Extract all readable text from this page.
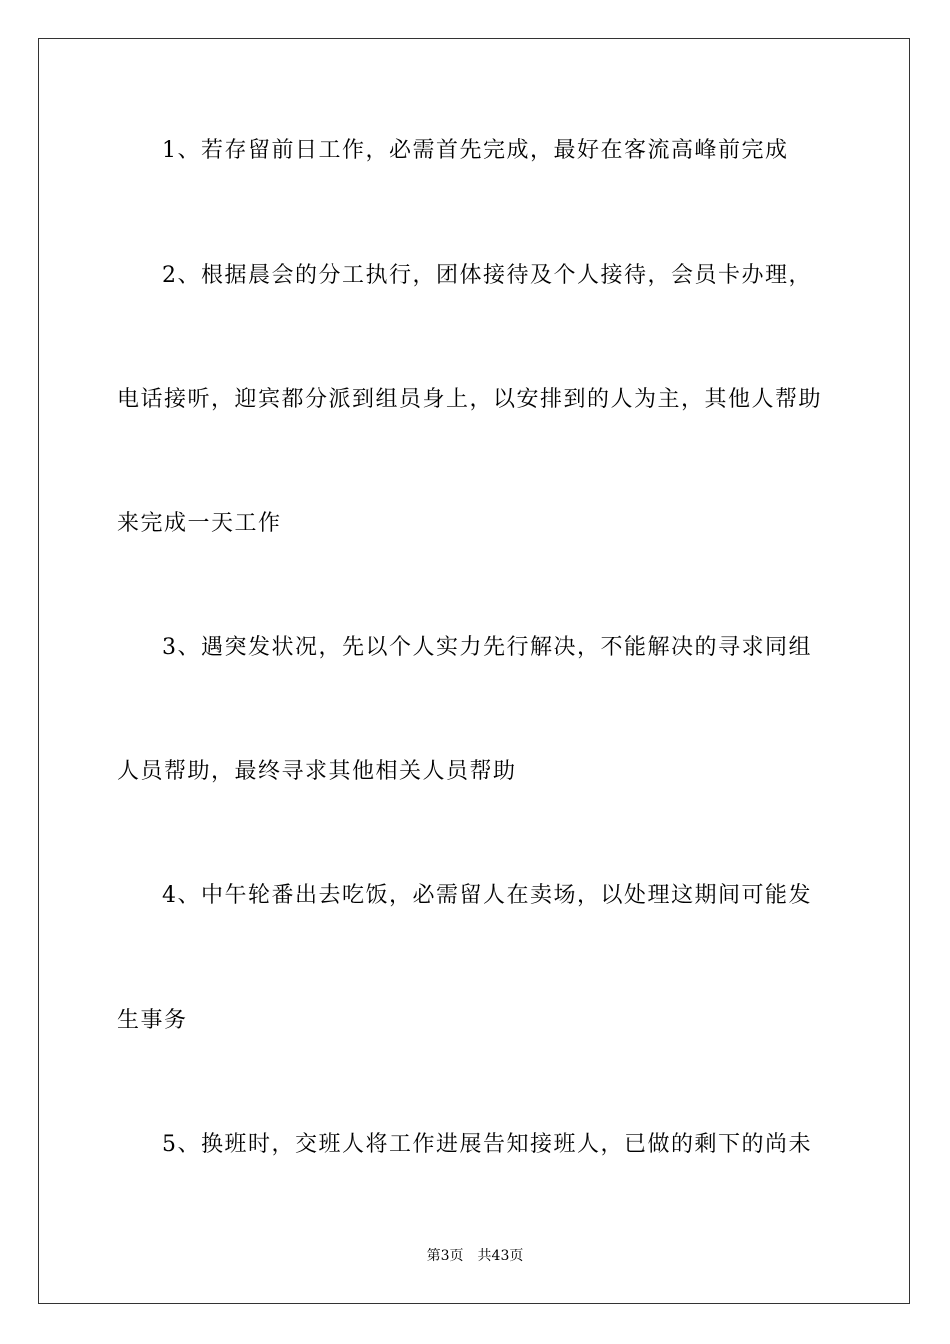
1、若存留前日工作，必需首先完成，最好在客流高峰前完成
2、根据晨会的分工执行，团体接待及个人接待，会员卡办理，
电话接听，迎宾都分派到组员身上，以安排到的人为主，其他人帮助
来完成一天工作
3、遇突发状况，先以个人实力先行解决，不能解决的寻求同组
人员帮助，最终寻求其他相关人员帮助
4、中午轮番出去吃饭，必需留人在卖场，以处理这期间可能发
生事务
5、换班时，交班人将工作进展告知接班人，已做的剩下的尚未
第3页 共43页
